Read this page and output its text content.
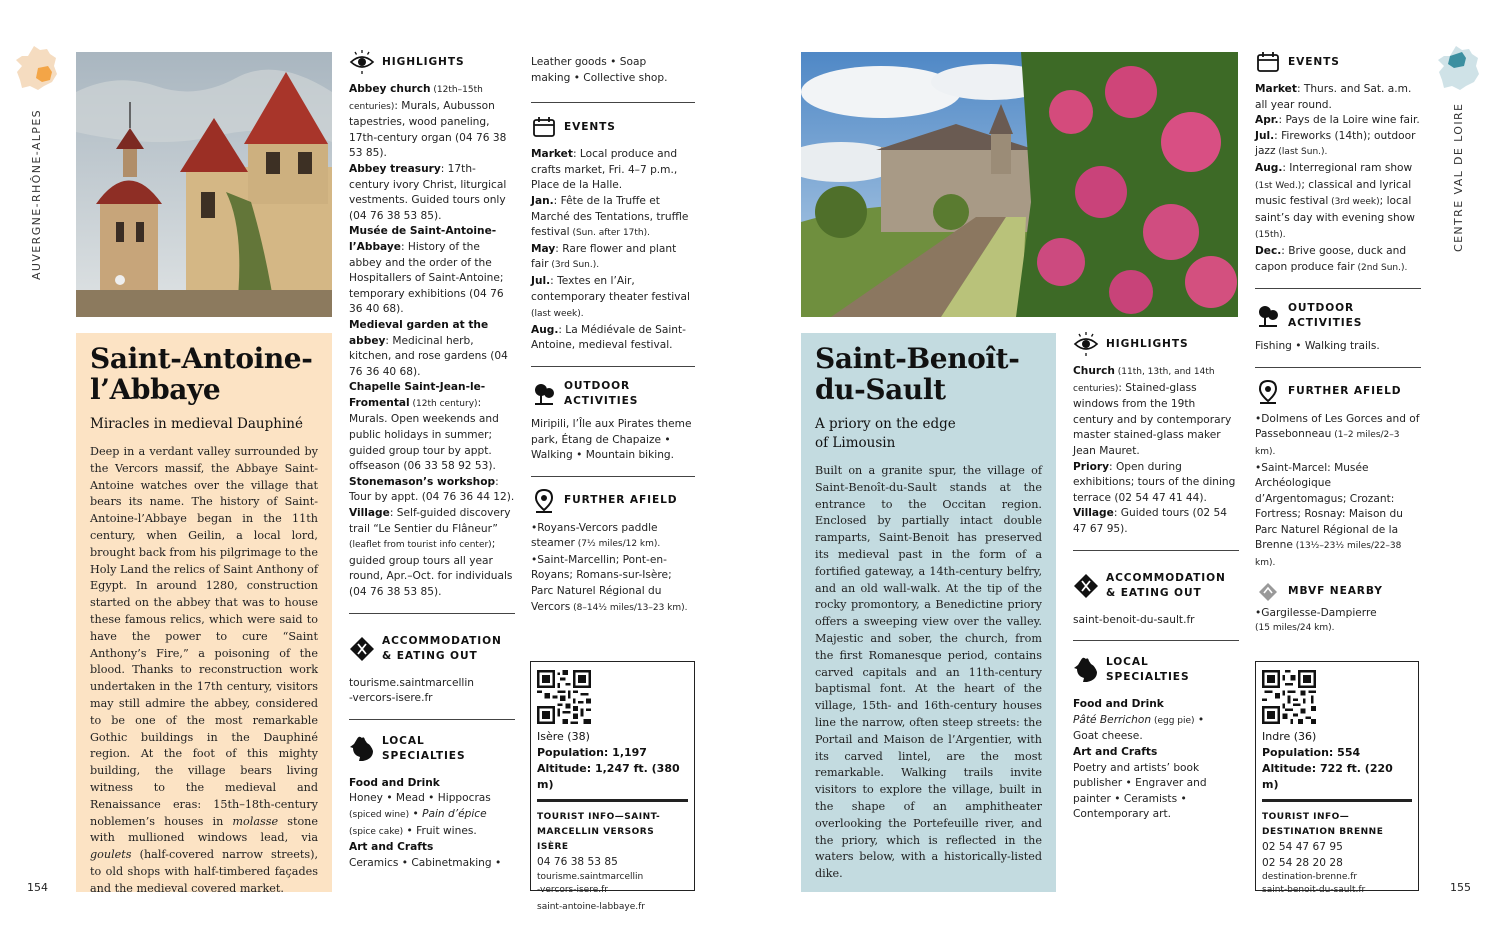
AUVERGNE-RHÔNE-ALPES
154
Saint-Antoine-
l’Abbaye
Miracles in medieval Dauphiné

Deep in a verdant valley surrounded by the Vercors massif, the Abbaye Saint-Antoine watches over the village that bears its name. The history of Saint-Antoine-l’Abbaye began in the 11th century, when Geilin, a local lord, brought back from his pilgrimage to the Holy Land the relics of Saint Anthony of Egypt. In around 1280, construction started on the abbey that was to house these famous relics, which were said to have the power to cure “Saint Anthony’s Fire,” a poisoning of the blood. Thanks to reconstruction work undertaken in the 17th century, visitors may still admire the abbey, considered to be one of the most remarkable Gothic buildings in the Dauphiné region. At the foot of this mighty building, the village bears living witness to the medieval and Renaissance eras: 15th–18th-century noblemen’s houses in molasse stone with mullioned windows lead, via goulets (half-covered narrow streets), to old shops with half-timbered façades and the medieval covered market.

HIGHLIGHTS
Abbey church (12th–15th centuries): Murals, Aubusson tapestries, wood paneling, 17th-century organ (04 76 38 53 85).
Abbey treasury: 17th-century ivory Christ, liturgical vestments. Guided tours only (04 76 38 53 85).
Musée de Saint-Antoine-l’Abbaye: History of the abbey and the order of the Hospitallers of Saint-Antoine; temporary exhibitions (04 76 36 40 68).
Medieval garden at the abbey: Medicinal herb, kitchen, and rose gardens (04 76 36 40 68).
Chapelle Saint-Jean-le-Fromental (12th century): Murals. Open weekends and public holidays in summer; guided group tour by appt. offseason (06 33 58 92 53).
Stonemason’s workshop: Tour by appt. (04 76 36 44 12).
Village: Self-guided discovery trail “Le Sentier du Flâneur” (leaflet from tourist info center); guided group tours all year round, Apr.–Oct. for individuals (04 76 38 53 85).
ACCOMMODATION
& EATING OUT
tourisme.saintmarcellin
-vercors-isere.fr
LOCAL
SPECIALTIES
Food and Drink
Honey • Mead • Hippocras
(spiced wine) • Pain d’épice
(spice cake) • Fruit wines.
Art and Crafts
Ceramics • Cabinetmaking •
Leather goods • Soap
making • Collective shop.
EVENTS
Market: Local produce and crafts market, Fri. 4–7 p.m., Place de la Halle.
Jan.: Fête de la Truffe et Marché des Tentations, truffle festival (Sun. after 17th).
May: Rare flower and plant fair (3rd Sun.).
Jul.: Textes en l’Air, contemporary theater festival (last week).
Aug.: La Médiévale de Saint-Antoine, medieval festival.
OUTDOOR ACTIVITIES
Miripili, l’Île aux Pirates theme park, Étang de Chapaize • Walking • Mountain biking.
FURTHER AFIELD
•Royans-Vercors paddle steamer (7½ miles/12 km).
•Saint-Marcellin; Pont-en-Royans; Romans-sur-Isère; Parc Naturel Régional du Vercors (8–14½ miles/13–23 km).
Isère (38)
Population: 1,197
Altitude: 1,247 ft. (380 m)
TOURIST INFO—SAINT-
MARCELLIN VERSORS ISÈRE
04 76 38 53 85
tourisme.saintmarcellin
-vercors-isere.fr
saint-antoine-labbaye.fr
Saint-Benoît-
du-Sault
A priory on the edge
of Limousin

Built on a granite spur, the village of Saint-Benoît-du-Sault stands at the entrance to the Occitan region. Enclosed by partially intact double ramparts, Saint-Benoit has preserved its medieval past in the form of a fortified gateway, a 14th-century belfry, and an old wall-walk. At the tip of the rocky promontory, a Benedictine priory offers a sweeping view over the valley. Majestic and sober, the church, from the first Romanesque period, contains carved capitals and an 11th-century baptismal font. At the heart of the village, 15th- and 16th-century houses line the narrow, often steep streets: the Portail and Maison de l’Argentier, with its carved lintel, are the most remarkable. Walking trails invite visitors to explore the village, built in the shape of an amphitheater overlooking the Portefeuille river, and the priory, which is reflected in the waters below, with a historically-listed dike.

HIGHLIGHTS
Church (11th, 13th, and 14th centuries): Stained-glass windows from the 19th century and by contemporary master stained-glass maker Jean Mauret.
Priory: Open during exhibitions; tours of the dining terrace (02 54 47 41 44).
Village: Guided tours (02 54 47 67 95).
ACCOMMODATION
& EATING OUT
saint-benoit-du-sault.fr
LOCAL
SPECIALTIES
Food and Drink
Pâté Berrichon (egg pie) •
Goat cheese.
Art and Crafts
Poetry and artists’ book publisher • Engraver and painter • Ceramists • Contemporary art.
EVENTS
Market: Thurs. and Sat. a.m. all year round.
Apr.: Pays de la Loire wine fair.
Jul.: Fireworks (14th); outdoor jazz (last Sun.).
Aug.: Interregional ram show (1st Wed.); classical and lyrical music festival (3rd week); local saint’s day with evening show (15th).
Dec.: Brive goose, duck and capon produce fair (2nd Sun.).
OUTDOOR ACTIVITIES
Fishing • Walking trails.
FURTHER AFIELD
•Dolmens of Les Gorces and of Passebonneau (1–2 miles/2–3 km).
•Saint-Marcel: Musée Archéologique d’Argentomagus; Crozant: Fortress; Rosnay: Maison du Parc Naturel Régional de la Brenne (13½–23½ miles/22–38 km).
MBVF NEARBY
•Gargilesse-Dampierre
(15 miles/24 km).
Indre (36)
Population: 554
Altitude: 722 ft. (220 m)
TOURIST INFO—
DESTINATION BRENNE
02 54 47 67 95
02 54 28 20 28
destination-brenne.fr
saint-benoit-du-sault.fr
CENTRE VAL DE LOIRE
155
